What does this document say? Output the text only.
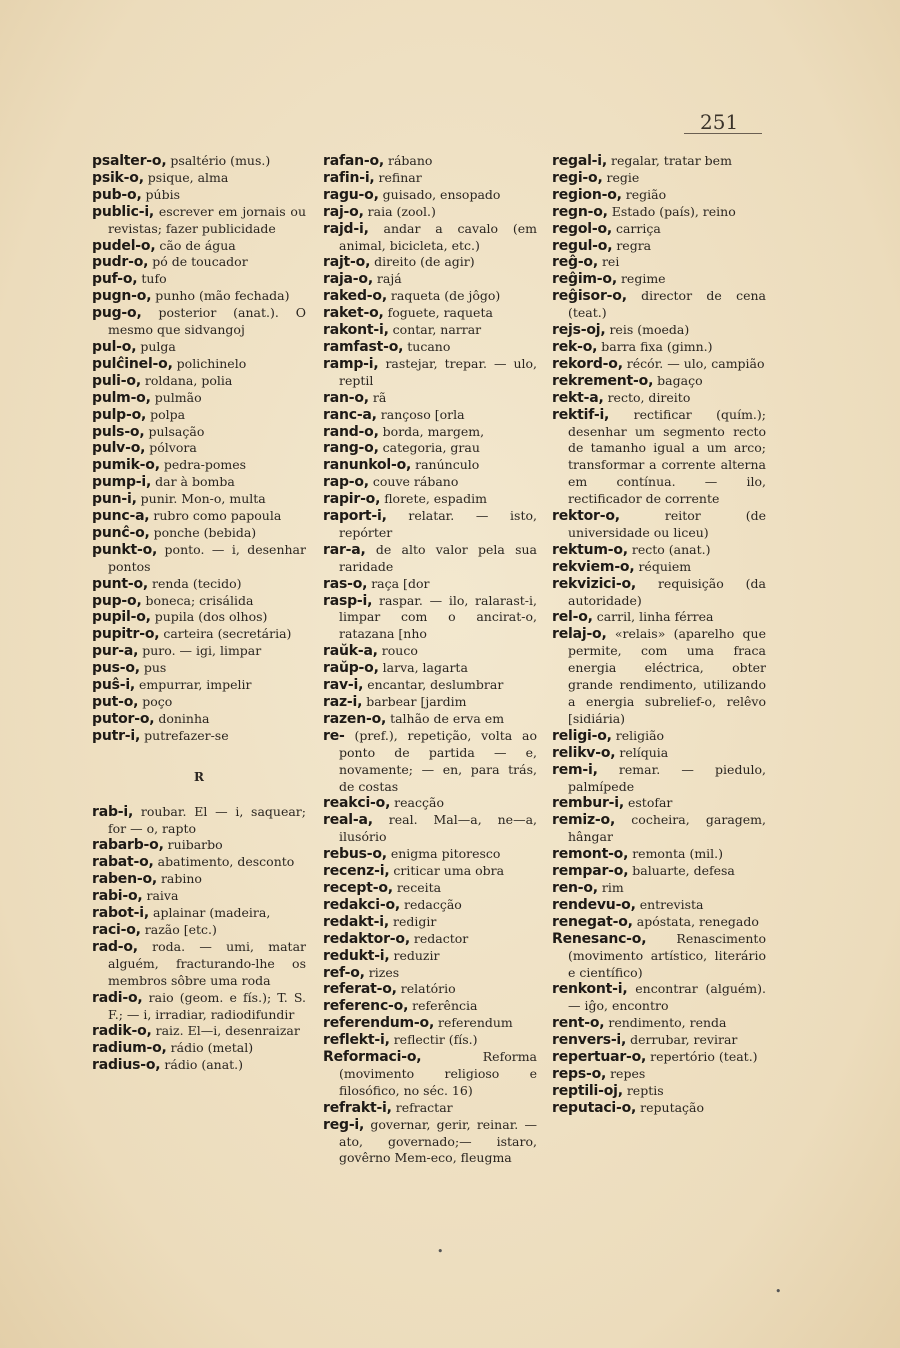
251

psalter-o, psaltério (mus.)

psik-o, psique, alma

pub-o, púbis

public-i, escrever em jornais ou revistas; fazer publicidade

pudel-o, cão de água

pudr-o, pó de toucador

puf-o, tufo

pugn-o, punho (mão fechada)

pug-o, posterior (anat.). O mesmo que sidvangoj

pul-o, pulga

pulĉinel-o, polichinelo

puli-o, roldana, polia

pulm-o, pulmão

pulp-o, polpa

puls-o, pulsação

pulv-o, pólvora

pumik-o, pedra-pomes

pump-i, dar à bomba

pun-i, punir. Mon-o, multa

punc-a, rubro como papoula

punĉ-o, ponche (bebida)

punkt-o, ponto. — i, desenhar pontos

punt-o, renda (tecido)

pup-o, boneca; crisálida

pupil-o, pupila (dos olhos)

pupitr-o, carteira (secretária)

pur-a, puro. — igi, limpar

pus-o, pus

puŝ-i, empurrar, impelir

put-o, poço

putor-o, doninha

putr-i, putrefazer-se

R

rab-i, roubar. El — i, saquear; for — o, rapto

rabarb-o, ruibarbo

rabat-o, abatimento, desconto

raben-o, rabino

rabi-o, raiva

rabot-i, aplainar (madeira,

raci-o, razão [etc.)

rad-o, roda. — umi, matar alguém, fracturando-lhe os membros sôbre uma roda

radi-o, raio (geom. e fís.); T. S. F.; — i, irradiar, radiodifundir

radik-o, raiz. El—i, desenraizar

radium-o, rádio (metal)

radius-o, rádio (anat.)

rafan-o, rábano

rafin-i, refinar

ragu-o, guisado, ensopado

raj-o, raia (zool.)

rajd-i, andar a cavalo (em animal, bicicleta, etc.)

rajt-o, direito (de agir)

raja-o, rajá

raked-o, raqueta (de jôgo)

raket-o, foguete, raqueta

rakont-i, contar, narrar

ramfast-o, tucano

ramp-i, rastejar, trepar. — ulo, reptil

ran-o, rã

ranc-a, rançoso [orla

rand-o, borda, margem,

rang-o, categoria, grau

ranunkol-o, ranúnculo

rap-o, couve rábano

rapir-o, florete, espadim

raport-i, relatar. — isto, repórter

rar-a, de alto valor pela sua raridade

ras-o, raça [dor

rasp-i, raspar. — ilo, ralarast-i, limpar com o ancirat-o, ratazana [nho

raŭk-a, rouco

raŭp-o, larva, lagarta

rav-i, encantar, deslumbrar

raz-i, barbear [jardim

razen-o, talhão de erva em

re- (pref.), repetição, volta ao ponto de partida — e, novamente; — en, para trás, de costas

reakci-o, reacção

real-a, real. Mal—a, ne—a, ilusório

rebus-o, enigma pitoresco

recenz-i, criticar uma obra

recept-o, receita

redakci-o, redacção

redakt-i, redigir

redaktor-o, redactor

redukt-i, reduzir

ref-o, rizes

referat-o, relatório

referenc-o, referência

referendum-o, referendum

reflekt-i, reflectir (fís.)

Reformaci-o, Reforma (movimento religioso e filosófico, no séc. 16)

refrakt-i, refractar

reg-i, governar, gerir, reinar. —ato, governado;— istaro, govêrno Mem-eco, fleugma

regal-i, regalar, tratar bem

regi-o, regie

region-o, região

regn-o, Estado (país), reino

regol-o, carriça

regul-o, regra

reĝ-o, rei

reĝim-o, regime

reĝisor-o, director de cena (teat.)

rejs-oj, reis (moeda)

rek-o, barra fixa (gimn.)

rekord-o, récór. — ulo, campião

rekrement-o, bagaço

rekt-a, recto, direito

rektif-i, rectificar (quím.); desenhar um segmento recto de tamanho igual a um arco; transformar a corrente alterna em contínua. — ilo, rectificador de corrente

rektor-o, reitor (de universidade ou liceu)

rektum-o, recto (anat.)

rekviem-o, réquiem

rekvizici-o, requisição (da autoridade)

rel-o, carril, linha férrea

relaj-o, «relais» (aparelho que permite, com uma fraca energia eléctrica, obter grande rendimento, utilizando a energia subrelief-o, relêvo [sidiária)

religi-o, religião

relikv-o, relíquia

rem-i, remar. — piedulo, palmípede

rembur-i, estofar

remiz-o, cocheira, garagem, hângar

remont-o, remonta (mil.)

rempar-o, baluarte, defesa

ren-o, rim

rendevu-o, entrevista

renegat-o, apóstata, renegado

Renesanc-o, Renascimento (movimento artístico, literário e científico)

renkont-i, encontrar (alguém). — iĝo, encontro

rent-o, rendimento, renda

renvers-i, derrubar, revirar

repertuar-o, repertório (teat.)

reps-o, repes

reptili-oj, reptis

reputaci-o, reputação

•
•
